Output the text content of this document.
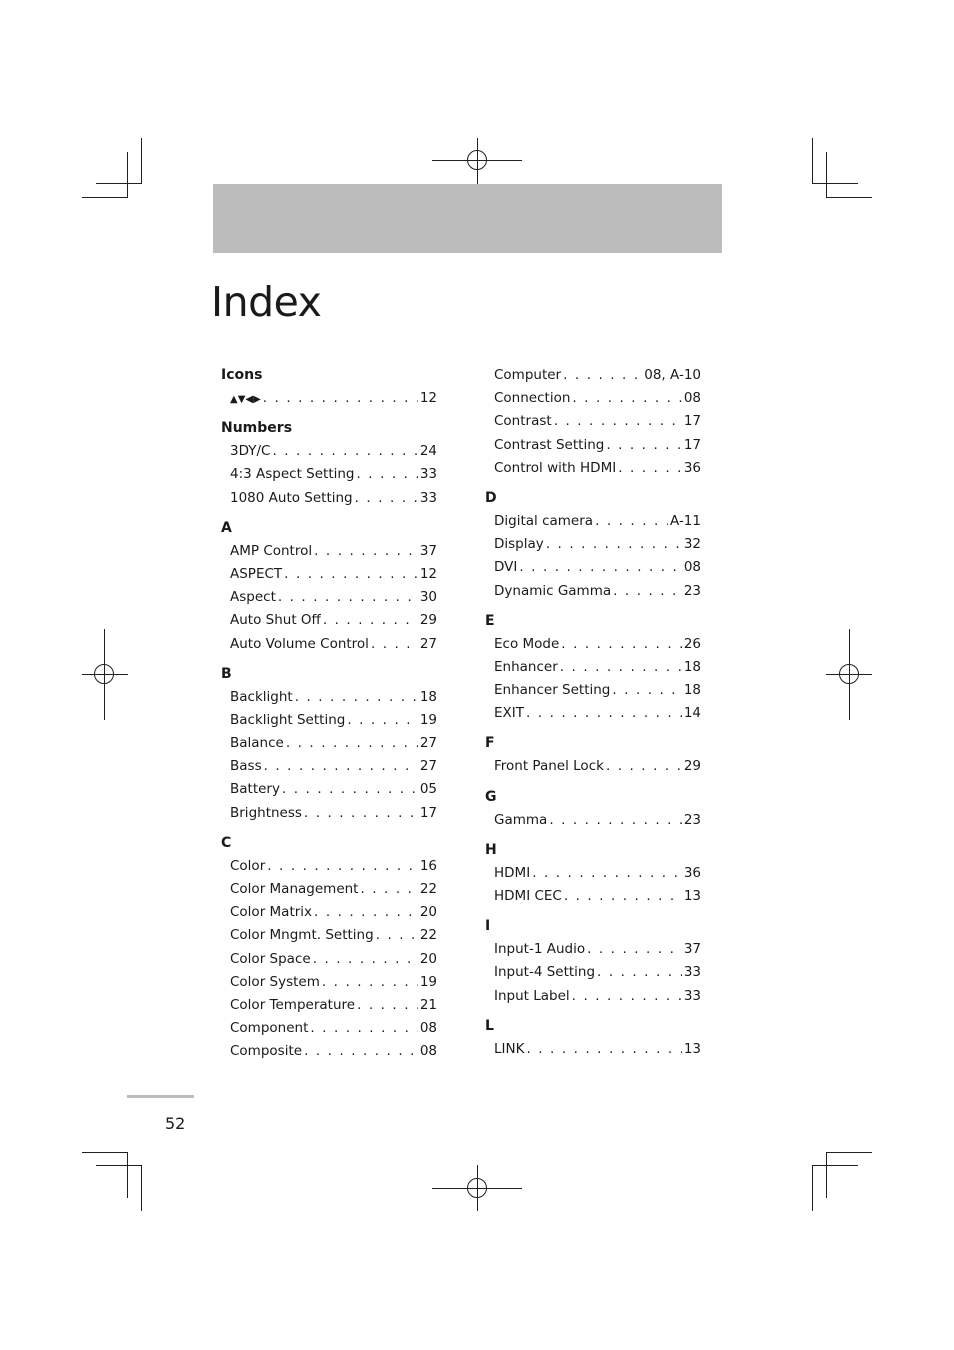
Index
Icons
▲▼◀▶ . . .	12
Numbers
3DY/C . . .	24
4:3 Aspect Setting . . .	33
1080 Auto Setting . . .	33
A
AMP Control . . .	37
ASPECT . . .	12
Aspect . . .	30
Auto Shut Off . . .	29
Auto Volume Control . . .	27
B
Backlight . . .	18
Backlight Setting . . .	19
Balance . . .	27
Bass . . .	27
Battery . . .	05
Brightness . . .	17
C
Color . . .	16
Color Management . . .	22
Color Matrix . . .	20
Color Mngmt. Setting . . .	22
Color Space . . .	20
Color System . . .	19
Color Temperature . . .	21
Component . . .	08
Composite . . .	08
Computer . . .	08, A-10
Connection . . .	08
Contrast . . .	17
Contrast Setting . . .	17
Control with HDMI . . .	36
D
Digital camera . . .	A-11
Display . . .	32
DVI . . .	08
Dynamic Gamma . . .	23
E
Eco Mode . . .	26
Enhancer . . .	18
Enhancer Setting . . .	18
EXIT . . .	14
F
Front Panel Lock . . .	29
G
Gamma . . .	23
H
HDMI . . .	36
HDMI CEC . . .	13
I
Input-1 Audio . . .	37
Input-4 Setting . . .	33
Input Label . . .	33
L
LINK . . .	13
52
